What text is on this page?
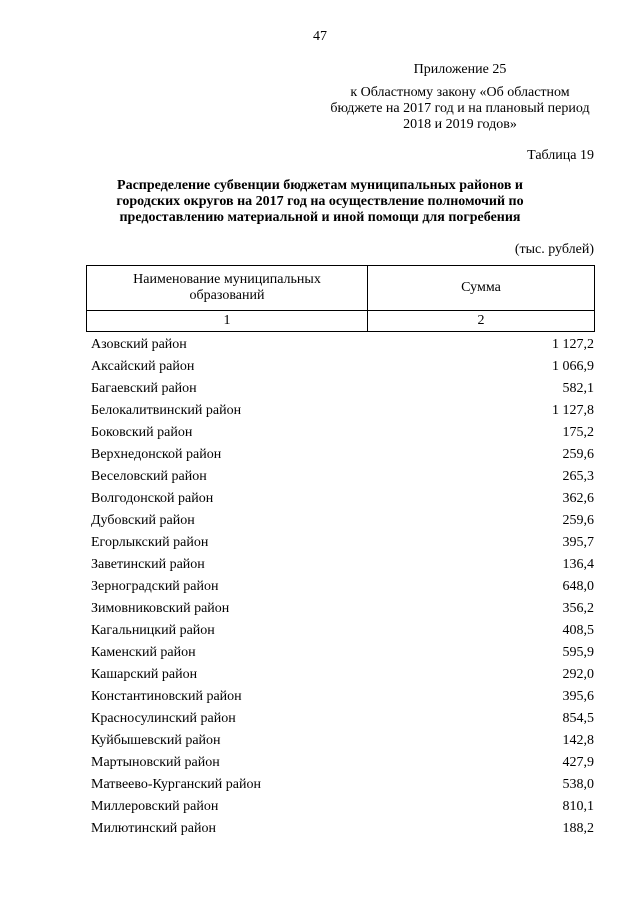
47
Приложение 25
к Областному закону «Об областном бюджете на 2017 год и на плановый период 2018 и 2019 годов»
Таблица 19
Распределение субвенции бюджетам муниципальных районов и городских округов на 2017 год на осуществление полномочий по предоставлению материальной и иной помощи для погребения
(тыс. рублей)
Наименование муниципальных образований	Сумма
1	2
Азовский район	1 127,2
Аксайский район	1 066,9
Багаевский район	582,1
Белокалитвинский район	1 127,8
Боковский район	175,2
Верхнедонской район	259,6
Веселовский район	265,3
Волгодонской район	362,6
Дубовский район	259,6
Егорлыкский район	395,7
Заветинский район	136,4
Зерноградский район	648,0
Зимовниковский район	356,2
Кагальницкий район	408,5
Каменский район	595,9
Кашарский район	292,0
Константиновский район	395,6
Красносулинский район	854,5
Куйбышевский район	142,8
Мартыновский район	427,9
Матвеево-Курганский район	538,0
Миллеровский район	810,1
Милютинский район	188,2
